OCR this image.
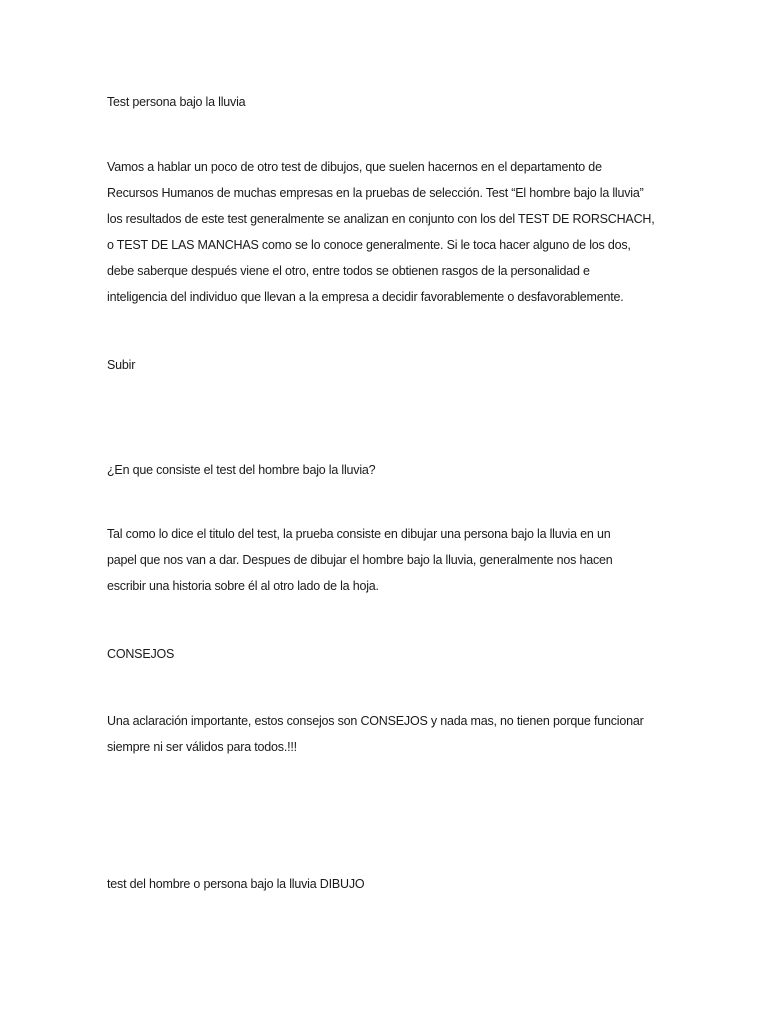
Test persona bajo la lluvia
Vamos a hablar un poco de otro test de dibujos, que suelen hacernos en el departamento de
Recursos Humanos de muchas empresas en la pruebas de selección. Test “El hombre bajo la lluvia”
los resultados de este test generalmente se analizan en conjunto con los del TEST DE RORSCHACH,
o TEST DE LAS MANCHAS como se lo conoce generalmente. Si le toca hacer alguno de los dos,
debe saberque después viene el otro, entre todos se obtienen rasgos de la personalidad e
inteligencia del individuo que llevan a la empresa a decidir favorablemente o desfavorablemente.
Subir
¿En que consiste el test del hombre bajo la lluvia?
Tal como lo dice el titulo del test, la prueba consiste en dibujar una persona bajo la lluvia en un
papel que nos van a dar. Despues de dibujar el hombre bajo la lluvia, generalmente nos hacen
escribir una historia sobre él al otro lado de la hoja.
CONSEJOS
Una aclaración importante, estos consejos son CONSEJOS y nada mas, no tienen porque funcionar
siempre ni ser válidos para todos.!!!
test del hombre o persona bajo la lluvia DIBUJO
